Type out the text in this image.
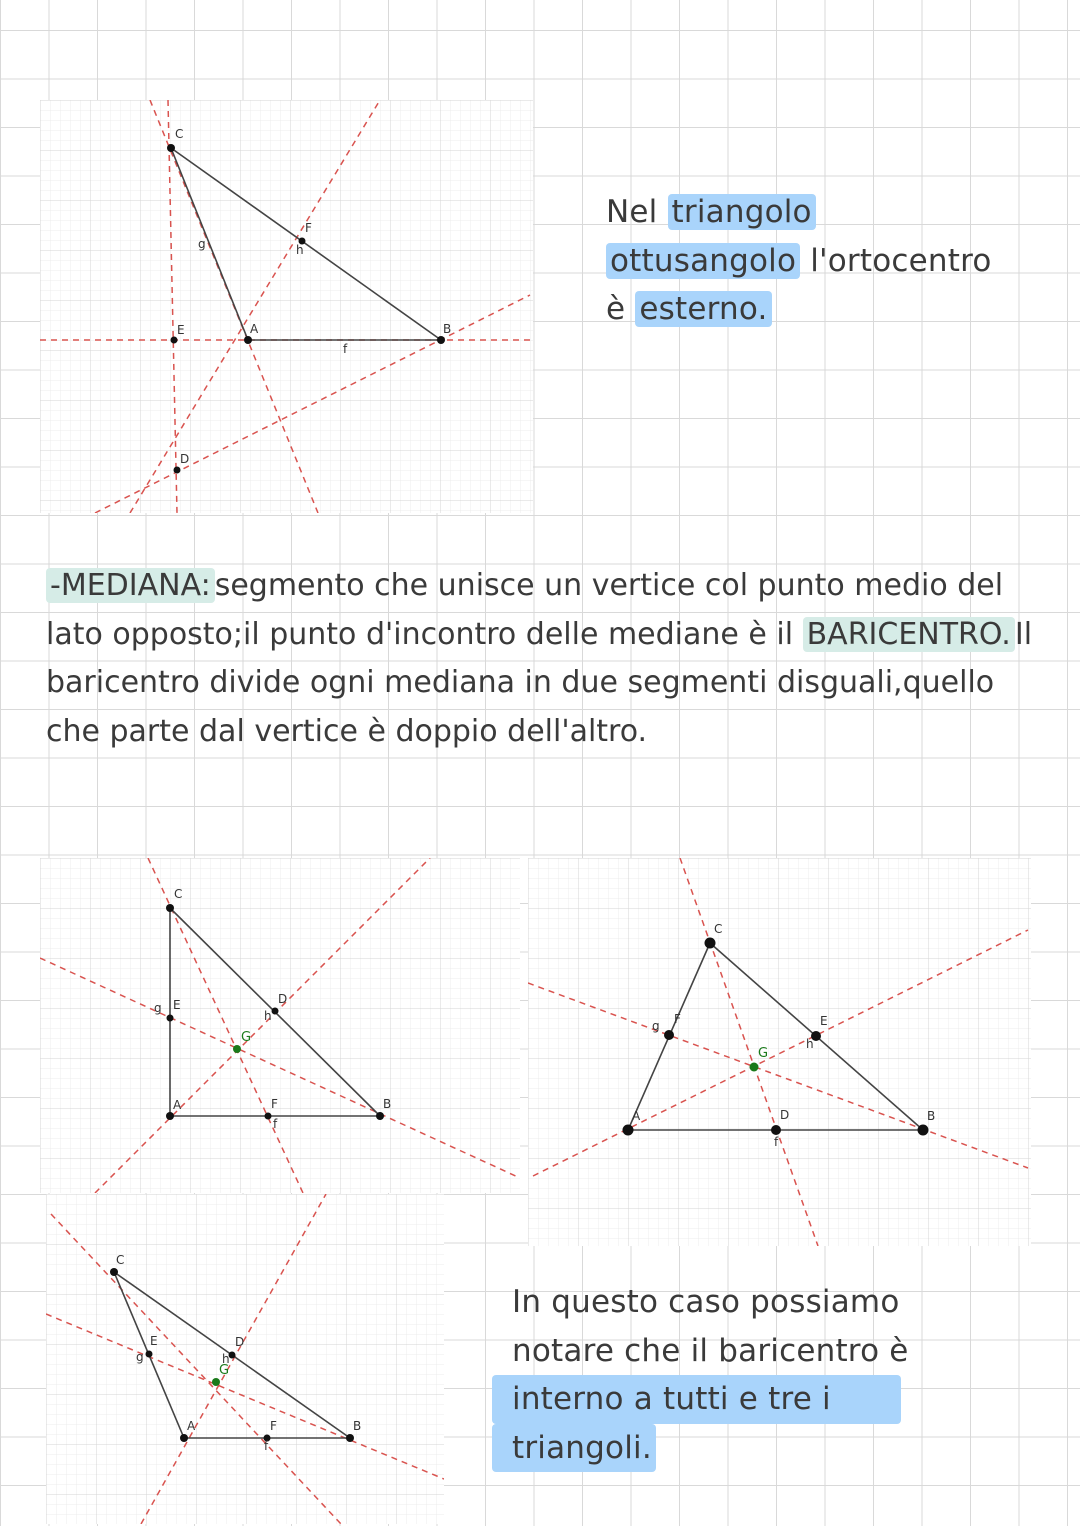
C
F
h
g
E	A	B
f
D
Nel triangolo
ottusangolo l'ortocentro
è esterno.
-MEDIANA: segmento che unisce un vertice col punto medio del lato opposto;il punto d'incontro delle mediane è il BARICENTRO. Il baricentro divide ogni mediana in due segmenti disguali,quello che parte dal vertice è doppio dell'altro.
C
D
h
g E
G
A	F
f
B
C
g F	E
h
G
A	D
f
B
C
E
g
D
h
G
A	F
f
B
In questo caso possiamo
notare che il baricentro è
interno a tutti e tre i
triangoli.
